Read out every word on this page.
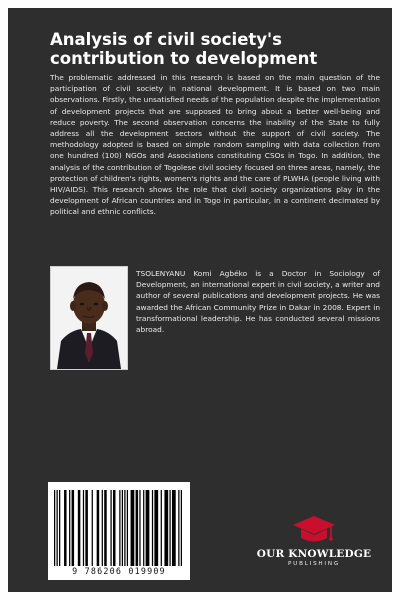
Analysis of civil society's contribution to development

The problematic addressed in this research is based on the main question of the participation of civil society in national development. It is based on two main observations. Firstly, the unsatisfied needs of the population despite the implementation of development projects that are supposed to bring about a better well-being and reduce poverty. The second observation concerns the inability of the State to fully address all the development sectors without the support of civil society. The methodology adopted is based on simple random sampling with data collection from one hundred (100) NGOs and Associations constituting CSOs in Togo. In addition, the analysis of the contribution of Togolese civil society focused on three areas, namely, the protection of children's rights, women's rights and the care of PLWHA (people living with HIV/AIDS). This research shows the role that civil society organizations play in the development of African countries and in Togo in particular, in a continent decimated by political and ethnic conflicts.

TSOLENYANU Komi Agbéko is a Doctor in Sociology of Development, an international expert in civil society, a writer and author of several publications and development projects. He was awarded the African Community Prize in Dakar in 2008. Expert in transformational leadership. He has conducted several missions abroad.

9 786206 019909
OUR KNOWLEDGE
PUBLISHING
